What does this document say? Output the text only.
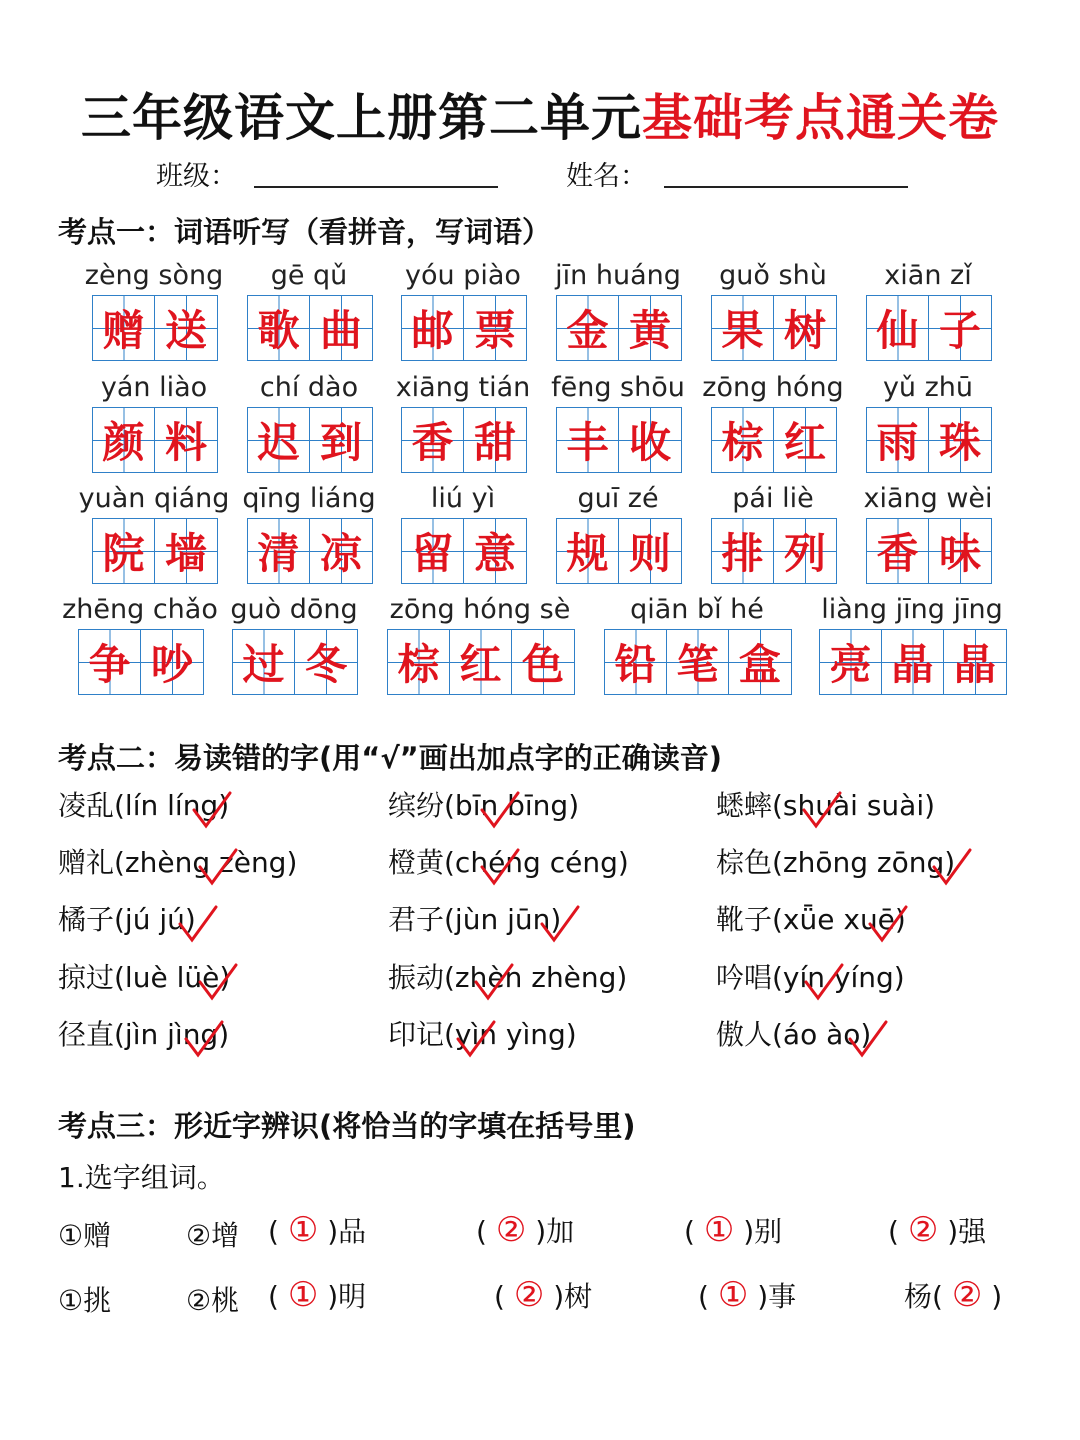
三年级语文上册第二单元基础考点通关卷
班级：	姓名：
考点一：词语听写（看拼音，写词语）
zèng sòng
赠 送
gē qǔ
歌 曲
yóu piào
邮 票
jīn huáng
金 黄
guǒ shù
果 树
xiān zǐ
仙 子
yán liào
颜 料
chí dào
迟 到
xiāng tián
香 甜
fēng shōu
丰 收
zōng hóng
棕 红
yǔ zhū
雨 珠
yuàn qiáng
院 墙
qīng liáng
清 凉
liú yì
留 意
guī zé
规 则
pái liè
排 列
xiāng wèi
香 味
zhēng chǎo
争 吵
guò dōng
过 冬
zōng hóng sè
棕 红 色
qiān bǐ hé
铅 笔 盒
liàng jīng jīng
亮 晶 晶
考点二：易读错的字(用“√”画出加点字的正确读音)
凌乱(lín líng)	缤纷(bīn bīng)	蟋蟀(shuài suài)
赠礼(zhèng zèng)	橙黄(chéng céng)	棕色(zhōng zōng)
橘子(jú jú)	君子(jùn jūn)	靴子(xǖe xuē)
掠过(luè lüè)	振动(zhèn zhèng)	吟唱(yín yíng)
径直(jìn jìng)	印记(yìn yìng)	傲人(áo ào)
考点三：形近字辨识(将恰当的字填在括号里)
1.选字组词。
①赠	②增 ( ① )品	( ② )加	( ① )别	( ② )强
①挑	②桃 ( ① )明	( ② )树	( ① )事	杨( ② )
